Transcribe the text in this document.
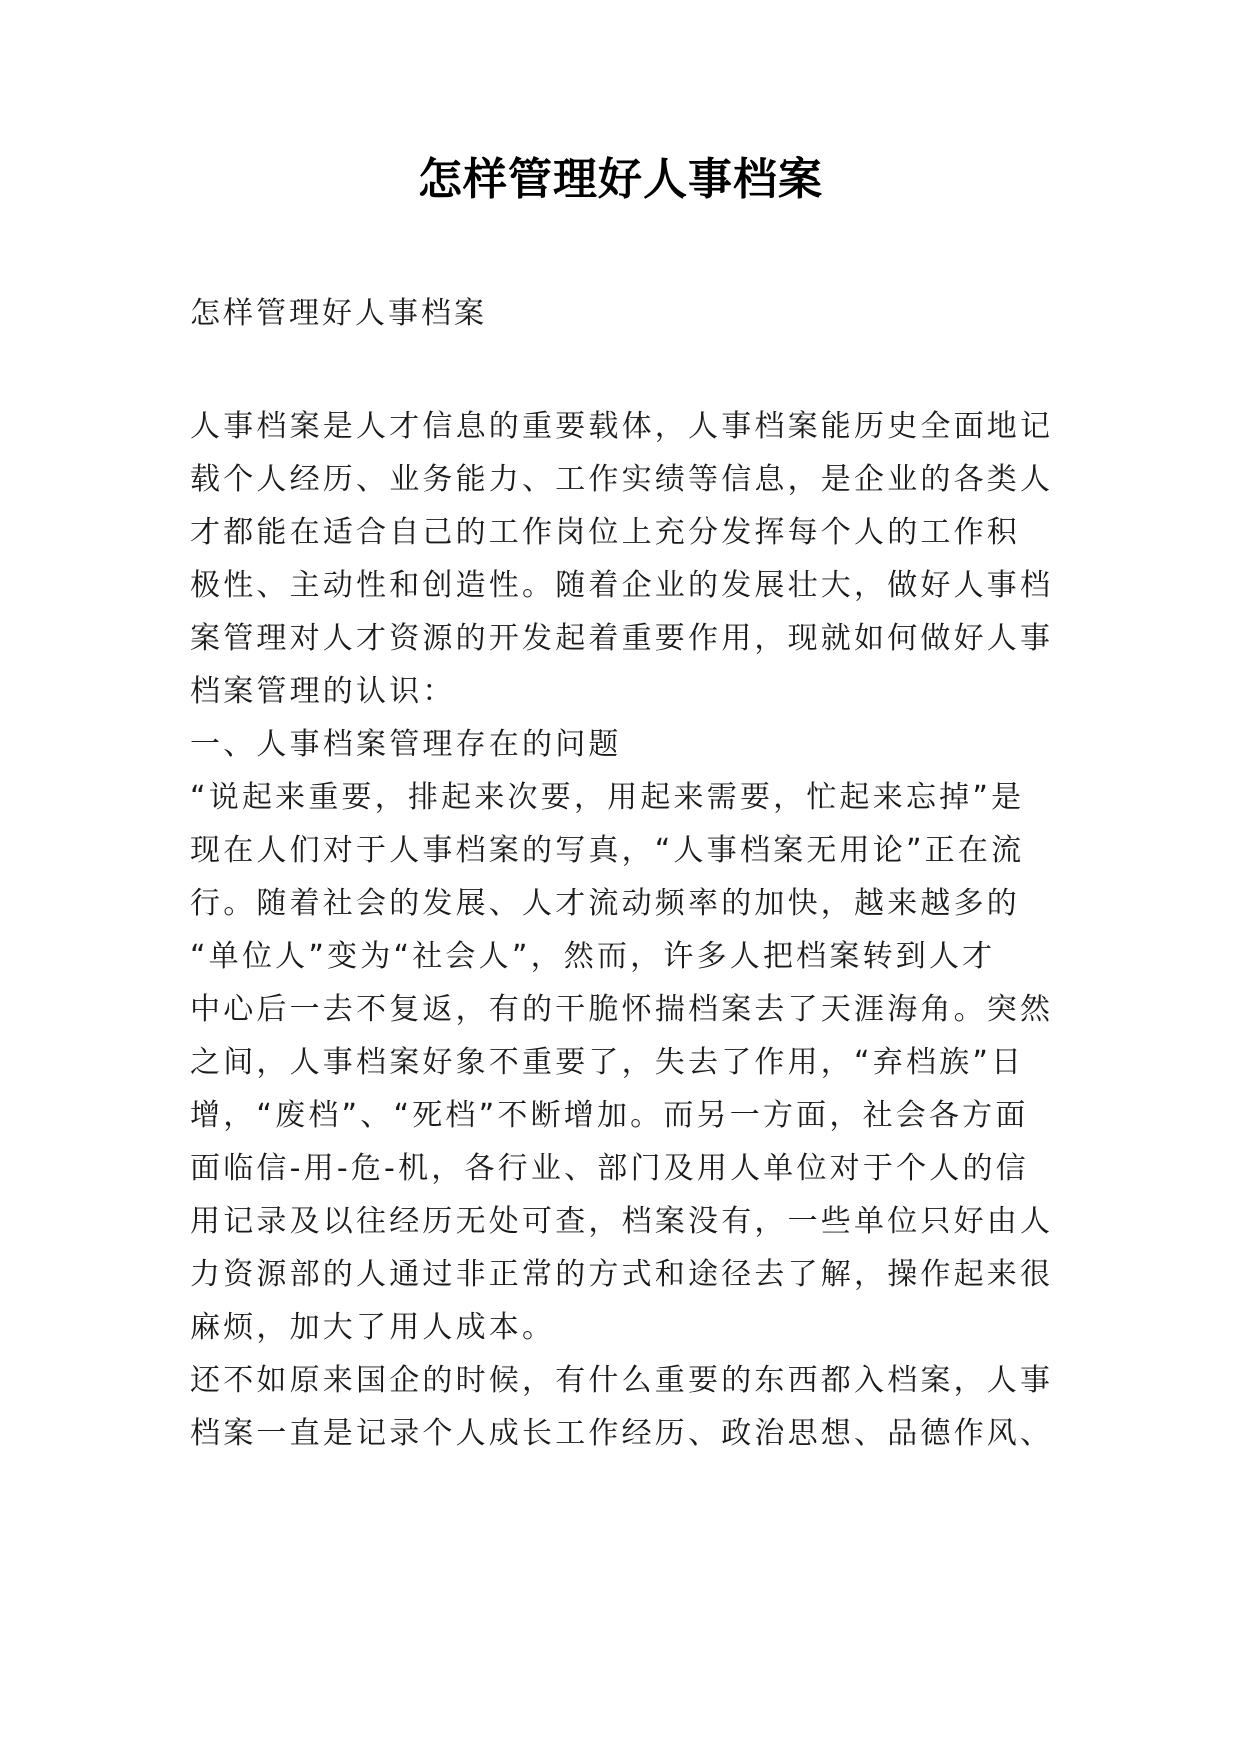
怎样管理好人事档案
怎样管理好人事档案
人事档案是人才信息的重要载体，人事档案能历史全面地记
载个人经历、业务能力、工作实绩等信息，是企业的各类人
才都能在适合自己的工作岗位上充分发挥每个人的工作积
极性、主动性和创造性。随着企业的发展壮大，做好人事档
案管理对人才资源的开发起着重要作用，现就如何做好人事
档案管理的认识：
一、人事档案管理存在的问题
“说起来重要，排起来次要，用起来需要，忙起来忘掉”是
现在人们对于人事档案的写真，“人事档案无用论”正在流
行。随着社会的发展、人才流动频率的加快，越来越多的
“单位人”变为“社会人”，然而，许多人把档案转到人才
中心后一去不复返，有的干脆怀揣档案去了天涯海角。突然
之间，人事档案好象不重要了，失去了作用，“弃档族”日
增，“废档”、“死档”不断增加。而另一方面，社会各方面
面临信-用-危-机，各行业、部门及用人单位对于个人的信
用记录及以往经历无处可查，档案没有，一些单位只好由人
力资源部的人通过非正常的方式和途径去了解，操作起来很
麻烦，加大了用人成本。
还不如原来国企的时候，有什么重要的东西都入档案，人事
档案一直是记录个人成长工作经历、政治思想、品德作风、
